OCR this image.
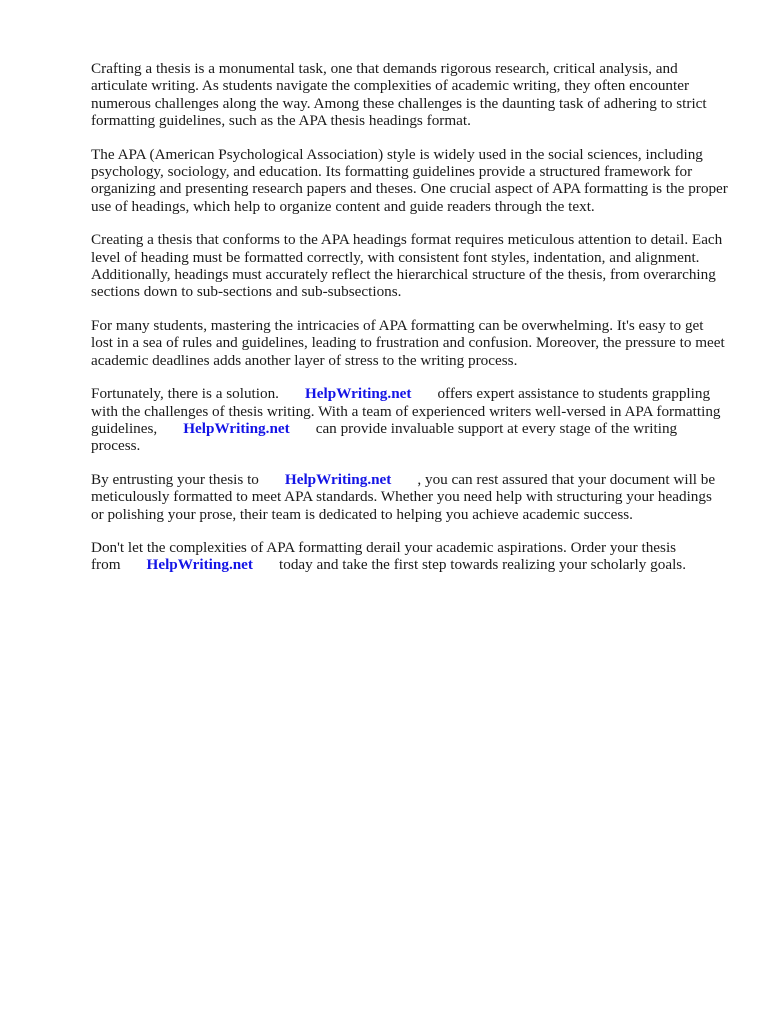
Crafting a thesis is a monumental task, one that demands rigorous research, critical analysis, and articulate writing. As students navigate the complexities of academic writing, they often encounter numerous challenges along the way. Among these challenges is the daunting task of adhering to strict formatting guidelines, such as the APA thesis headings format.

The APA (American Psychological Association) style is widely used in the social sciences, including psychology, sociology, and education. Its formatting guidelines provide a structured framework for organizing and presenting research papers and theses. One crucial aspect of APA formatting is the proper use of headings, which help to organize content and guide readers through the text.

Creating a thesis that conforms to the APA headings format requires meticulous attention to detail. Each level of heading must be formatted correctly, with consistent font styles, indentation, and alignment. Additionally, headings must accurately reflect the hierarchical structure of the thesis, from overarching sections down to sub-sections and sub-subsections.

For many students, mastering the intricacies of APA formatting can be overwhelming. It's easy to get lost in a sea of rules and guidelines, leading to frustration and confusion. Moreover, the pressure to meet academic deadlines adds another layer of stress to the writing process.

Fortunately, there is a solution. HelpWriting.net offers expert assistance to students grappling with the challenges of thesis writing. With a team of experienced writers well-versed in APA formatting guidelines, HelpWriting.net can provide invaluable support at every stage of the writing process.

By entrusting your thesis to HelpWriting.net , you can rest assured that your document will be meticulously formatted to meet APA standards. Whether you need help with structuring your headings or polishing your prose, their team is dedicated to helping you achieve academic success.

Don't let the complexities of APA formatting derail your academic aspirations. Order your thesis from HelpWriting.net today and take the first step towards realizing your scholarly goals.
